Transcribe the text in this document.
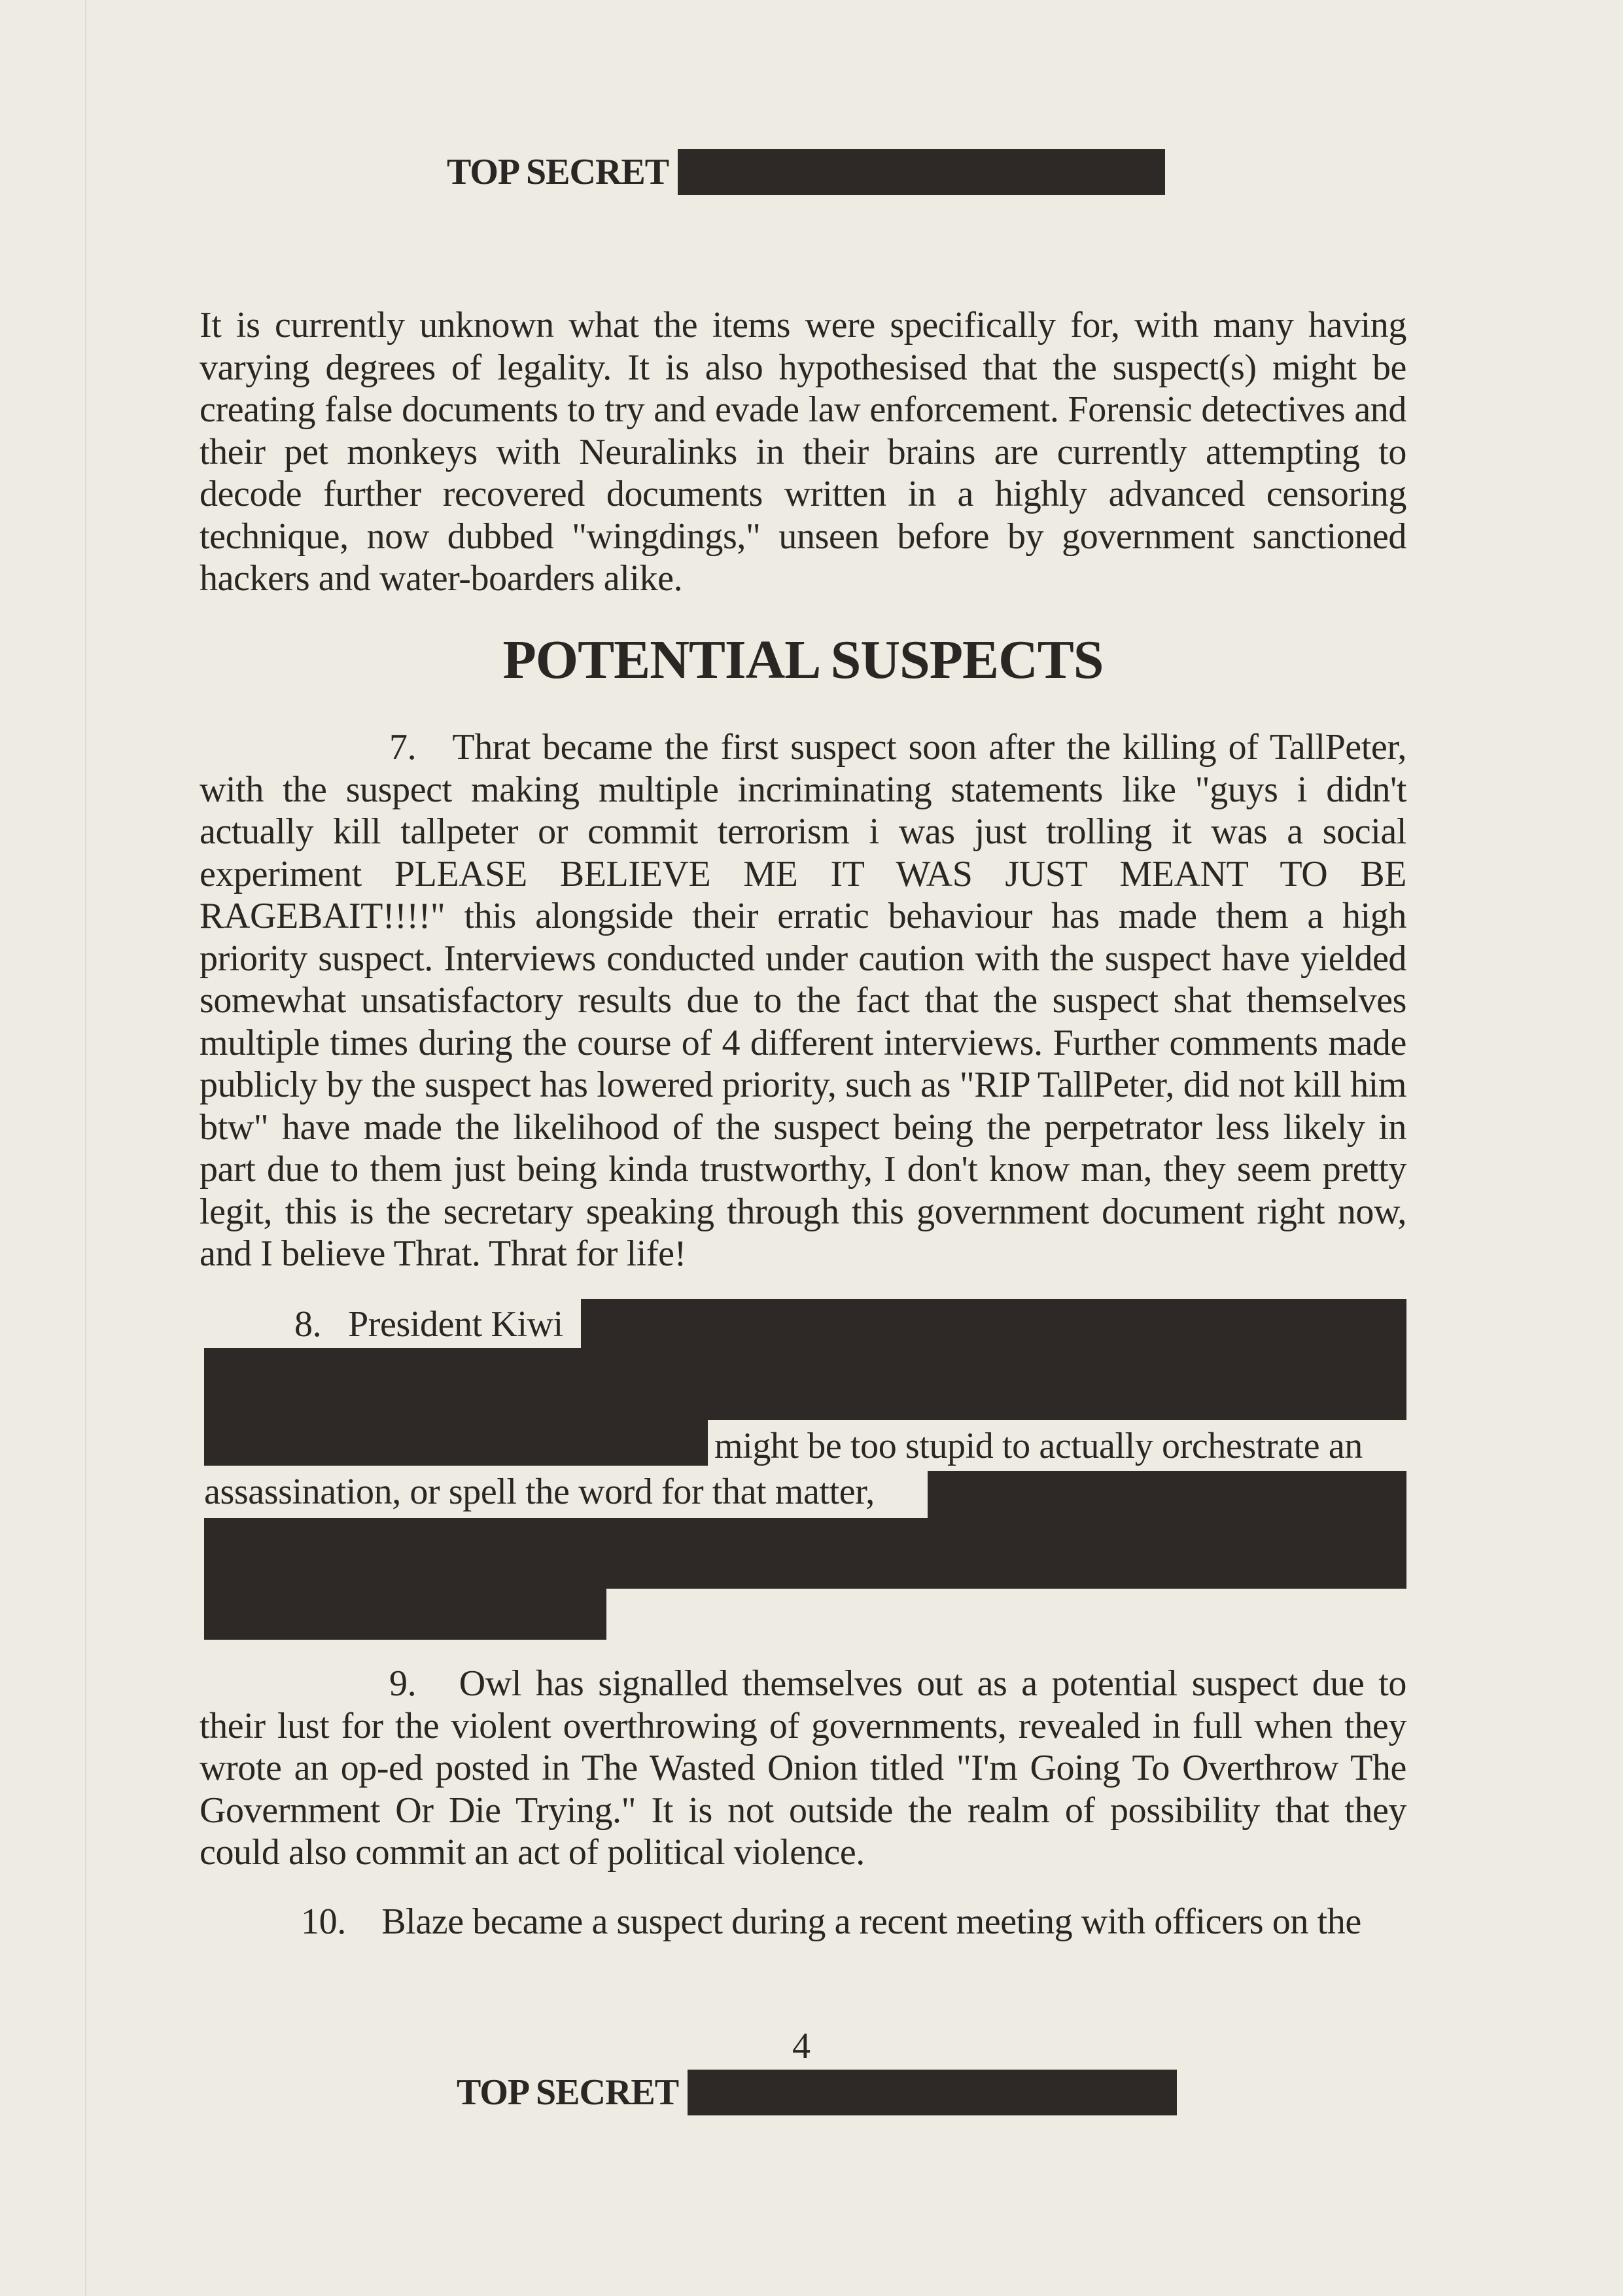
TOP SECRET

It is currently unknown what the items were specifically for, with many having varying degrees of legality. It is also hypothesised that the suspect(s) might be creating false documents to try and evade law enforcement. Forensic detectives and their pet monkeys with Neuralinks in their brains are currently attempting to decode further recovered documents written in a highly advanced censoring technique, now dubbed "wingdings," unseen before by government sanctioned hackers and water-boarders alike.

POTENTIAL SUSPECTS

7. Thrat became the first suspect soon after the killing of TallPeter, with the suspect making multiple incriminating statements like "guys i didn't actually kill tallpeter or commit terrorism i was just trolling it was a social experiment PLEASE BELIEVE ME IT WAS JUST MEANT TO BE RAGEBAIT!!!!" this alongside their erratic behaviour has made them a high priority suspect. Interviews conducted under caution with the suspect have yielded somewhat unsatisfactory results due to the fact that the suspect shat themselves multiple times during the course of 4 different interviews. Further comments made publicly by the suspect has lowered priority, such as "RIP TallPeter, did not kill him btw" have made the likelihood of the suspect being the perpetrator less likely in part due to them just being kinda trustworthy, I don't know man, they seem pretty legit, this is the secretary speaking through this government document right now, and I believe Thrat. Thrat for life!

8. President Kiwi
might be too stupid to actually orchestrate an
assassination, or spell the word for that matter,

9. Owl has signalled themselves out as a potential suspect due to their lust for the violent overthrowing of governments, revealed in full when they wrote an op-ed posted in The Wasted Onion titled "I'm Going To Overthrow The Government Or Die Trying." It is not outside the realm of possibility that they could also commit an act of political violence.

10. Blaze became a suspect during a recent meeting with officers on the
4
TOP SECRET
